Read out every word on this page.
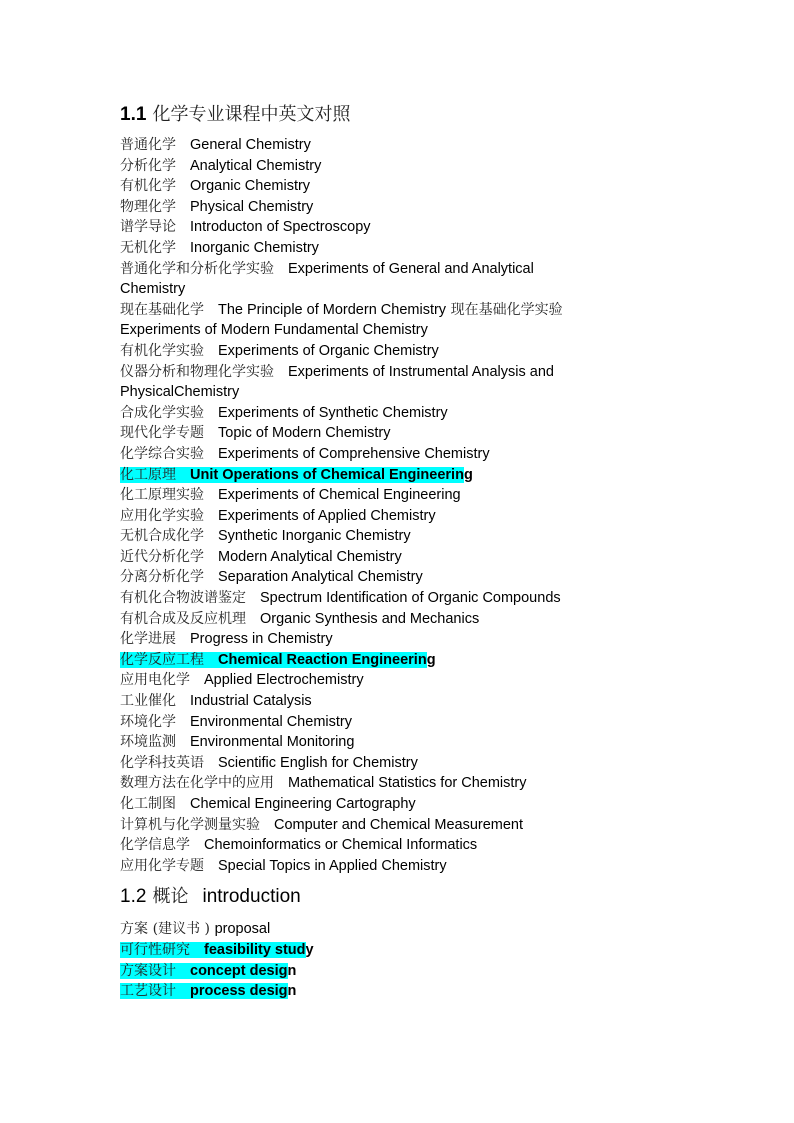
1.1 化学专业课程中英文对照
普通化学 General Chemistry
分析化学 Analytical Chemistry
有机化学 Organic Chemistry
物理化学 Physical Chemistry
谱学导论 Introducton of Spectroscopy
无机化学 Inorganic Chemistry
普通化学和分析化学实验 Experiments of General and Analytical Chemistry
现在基础化学 The Principle of Mordern Chemistry 现在基础化学实验 Experiments of Modern Fundamental Chemistry
有机化学实验 Experiments of Organic Chemistry
仪器分析和物理化学实验 Experiments of Instrumental Analysis and PhysicalChemistry
合成化学实验 Experiments of Synthetic Chemistry
现代化学专题 Topic of Modern Chemistry
化学综合实验 Experiments of Comprehensive Chemistry
化工原理 Unit Operations of Chemical Engineering
化工原理实验 Experiments of Chemical Engineering
应用化学实验 Experiments of Applied Chemistry
无机合成化学 Synthetic Inorganic Chemistry
近代分析化学 Modern Analytical Chemistry
分离分析化学 Separation Analytical Chemistry
有机化合物波谱鉴定 Spectrum Identification of Organic Compounds
有机合成及反应机理 Organic Synthesis and Mechanics
化学进展 Progress in Chemistry
化学反应工程 Chemical Reaction Engineering
应用电化学 Applied Electrochemistry
工业催化 Industrial Catalysis
环境化学 Environmental Chemistry
环境监测 Environmental Monitoring
化学科技英语 Scientific English for Chemistry
数理方法在化学中的应用 Mathematical Statistics for Chemistry
化工制图 Chemical Engineering Cartography
计算机与化学测量实验 Computer and Chemical Measurement
化学信息学 Chemoinformatics or Chemical Informatics
应用化学专题 Special Topics in Applied Chemistry
1.2 概论 introduction
方案 (建议书 ) proposal
可行性研究 feasibility study
方案设计 concept design
工艺设计 process design
